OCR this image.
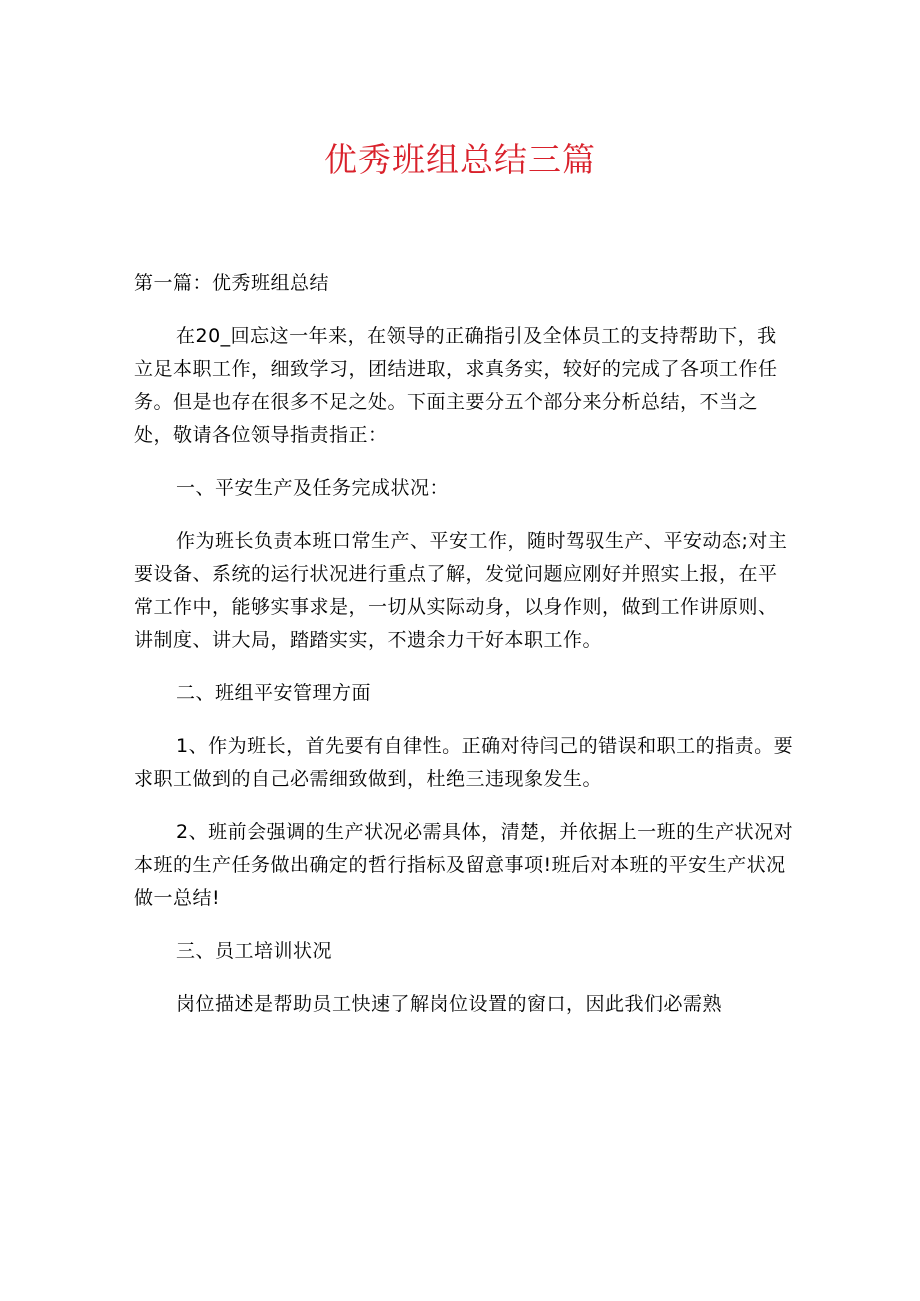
优秀班组总结三篇

第一篇：优秀班组总结

在20_回忘这一年来，在领导的正确指引及全体员工的支持帮助下，我立足本职工作，细致学习，团结进取，求真务实，较好的完成了各项工作任务。但是也存在很多不足之处。下面主要分五个部分来分析总结，不当之处，敬请各位领导指责指正：

一、平安生产及任务完成状况：

作为班长负责本班口常生产、平安工作，随时驾驭生产、平安动态;对主要设备、系统的运行状况进行重点了解，发觉问题应刚好并照实上报，在平常工作中，能够实事求是，一切从实际动身，以身作则，做到工作讲原则、讲制度、讲大局，踏踏实实，不遗余力干好本职工作。

二、班组平安管理方面

1、作为班长，首先要有自律性。正确对待闫己的错误和职工的指责。要求职工做到的自己必需细致做到，杜绝三违现象发生。

2、班前会强调的生产状况必需具体，清楚，并依据上一班的生产状况对本班的生产任务做出确定的哲行指标及留意事项!班后对本班的平安生产状况做一总结!

三、员工培训状况

岗位描述是帮助员工快速了解岗位设置的窗口，因此我们必需熟
